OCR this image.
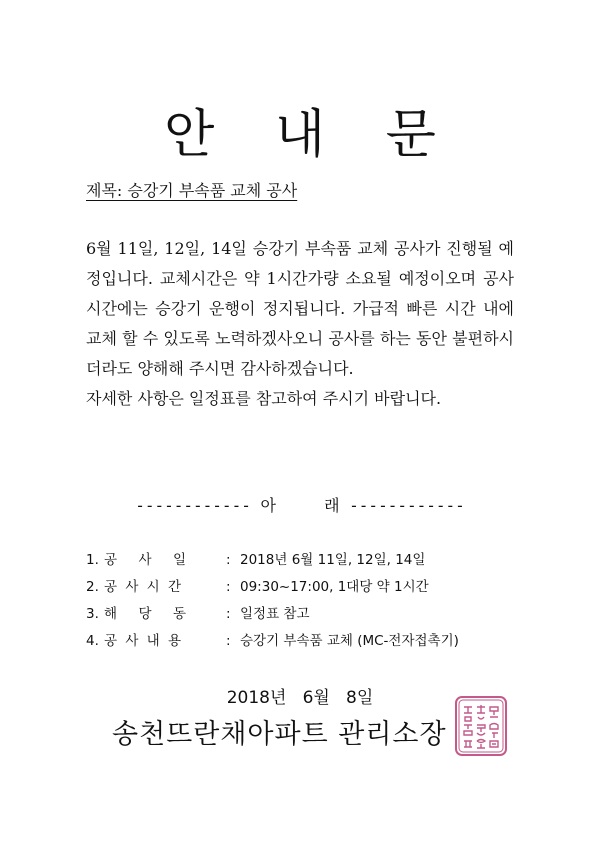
안 내 문
제목: 승강기 부속품 교체 공사

6월 11일, 12일, 14일 승강기 부속품 교체 공사가 진행될 예정입니다. 교체시간은 약 1시간가량 소요될 예정이오며 공사시간에는 승강기 운행이 정지됩니다. 가급적 빠른 시간 내에 교체 할 수 있도록 노력하겠사오니 공사를 하는 동안 불편하시더라도 양해해 주시면 감사하겠습니다.

자세한 사항은 일정표를 참고하여 주시기 바랍니다.

------------ 아     래 ------------
1. 공     사     일	: 2018년 6월 11일, 12일, 14일
2. 공 사 시 간	: 09:30~17:00, 1대당 약 1시간
3. 해     당     동	: 일정표 참고
4. 공 사 내 용	: 승강기 부속품 교체 (MC-전자접촉기)
2018년   6월   8일
송천뜨란채아파트 관리소장
